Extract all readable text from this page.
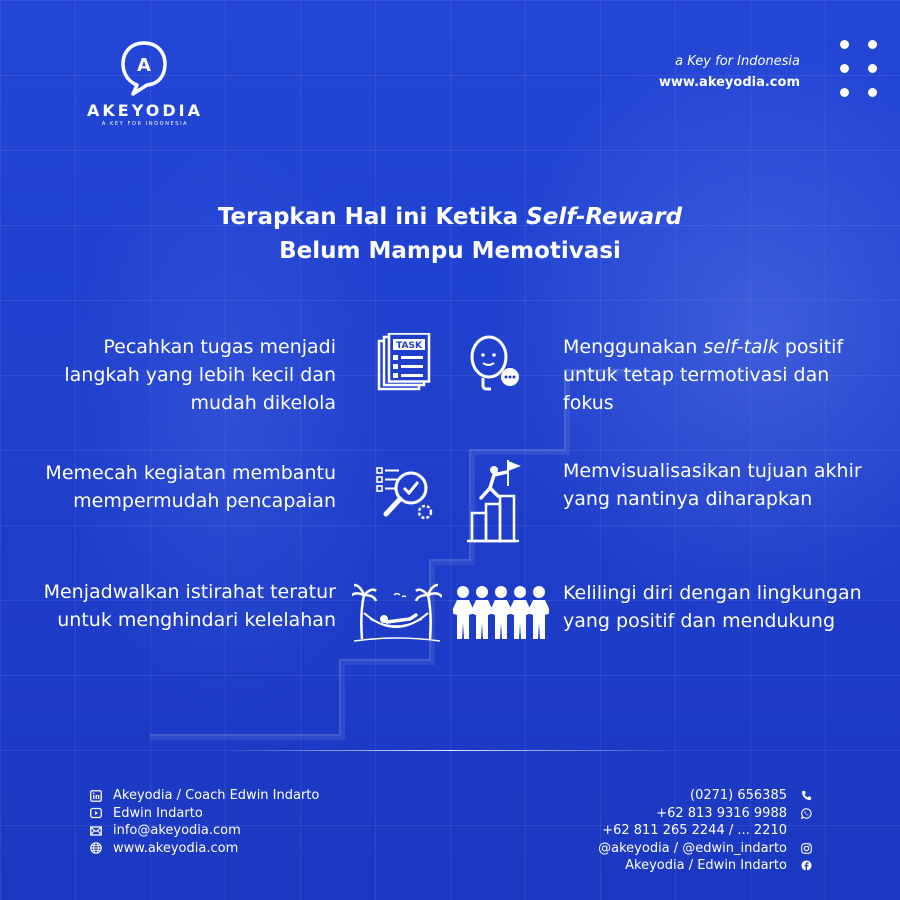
A
AKEYODIA
A KEY FOR INDONESIA
a Key for Indonesia
www.akeyodia.com
Terapkan Hal ini Ketika Self-Reward
Belum Mampu Memotivasi
Pecahkan tugas menjadi langkah yang lebih kecil dan mudah dikelola
TASK	Menggunakan self-talk positif untuk tetap termotivasi dan fokus
Memecah kegiatan membantu mempermudah pencapaian
Memvisualisasikan tujuan akhir yang nantinya diharapkan
Menjadwalkan istirahat teratur untuk menghindari kelelahan
Kelilingi diri dengan lingkungan yang positif dan mendukung
Akeyodia / Coach Edwin Indarto
Edwin Indarto
info@akeyodia.com
www.akeyodia.com
(0271) 656385
+62 813 9316 9988
+62 811 265 2244 / ... 2210
@akeyodia / @edwin_indarto
Akeyodia / Edwin Indarto
